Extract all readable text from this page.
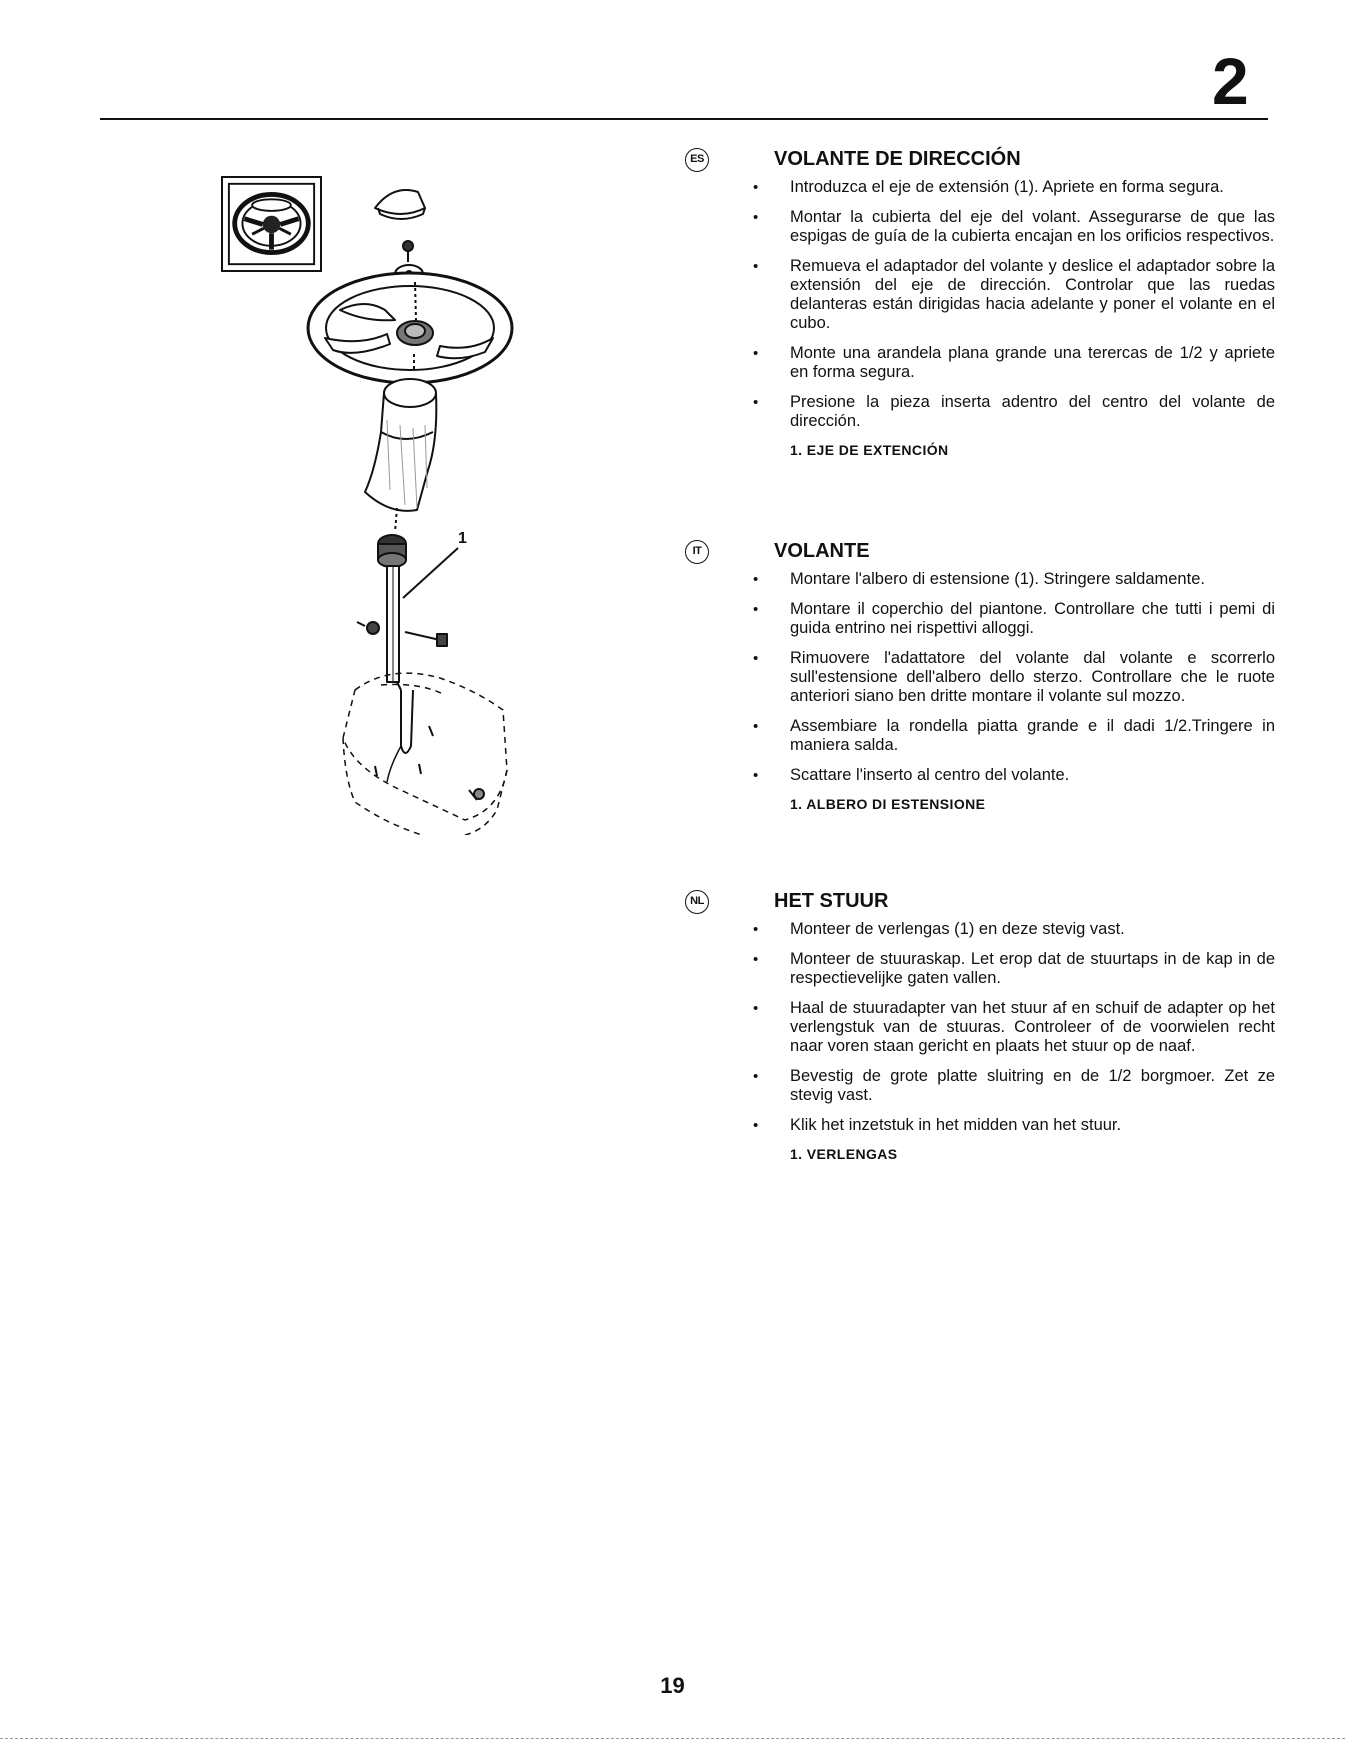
2
1
ES	VOLANTE DE DIRECCIÓN
• Introduzca el eje de extensión (1). Apriete en forma segura.
• Montar la cubierta del eje del volant. Assegurarse de que las espigas de guía de la cubierta encajan en los orificios respectivos.
• Remueva el adaptador del volante y deslice el adaptador sobre la extensión del eje de dirección. Controlar que las ruedas delanteras están dirigidas hacia adelante y poner el volante en el cubo.
• Monte una arandela plana grande una terercas de 1/2 y apriete en forma segura.
• Presione la pieza inserta adentro del centro del volante de dirección.
1. EJE DE EXTENCIÓN
IT	VOLANTE
• Montare l'albero di estensione (1). Stringere saldamente.
• Montare il coperchio del piantone. Controllare che tutti i pemi di guida entrino nei rispettivi alloggi.
• Rimuovere l'adattatore del volante dal volante e scorrerlo sull'estensione dell'albero dello sterzo. Controllare che le ruote anteriori siano ben dritte montare il volante sul mozzo.
• Assembiare la rondella piatta grande e il dadi 1/2.Tringere in maniera salda.
• Scattare l'inserto al centro del volante.
1. ALBERO DI ESTENSIONE
NL	HET STUUR
• Monteer de verlengas (1) en deze stevig vast.
• Monteer de stuuraskap. Let erop dat de stuurtaps in de kap in de respectievelijke gaten vallen.
• Haal de stuuradapter van het stuur af en schuif de adapter op het verlengstuk van de stuuras. Controleer of de voorwielen recht naar voren staan gericht en plaats het stuur op de naaf.
• Bevestig de grote platte sluitring en de 1/2 borgmoer. Zet ze stevig vast.
• Klik het inzetstuk in het midden van het stuur.
1. VERLENGAS
19
